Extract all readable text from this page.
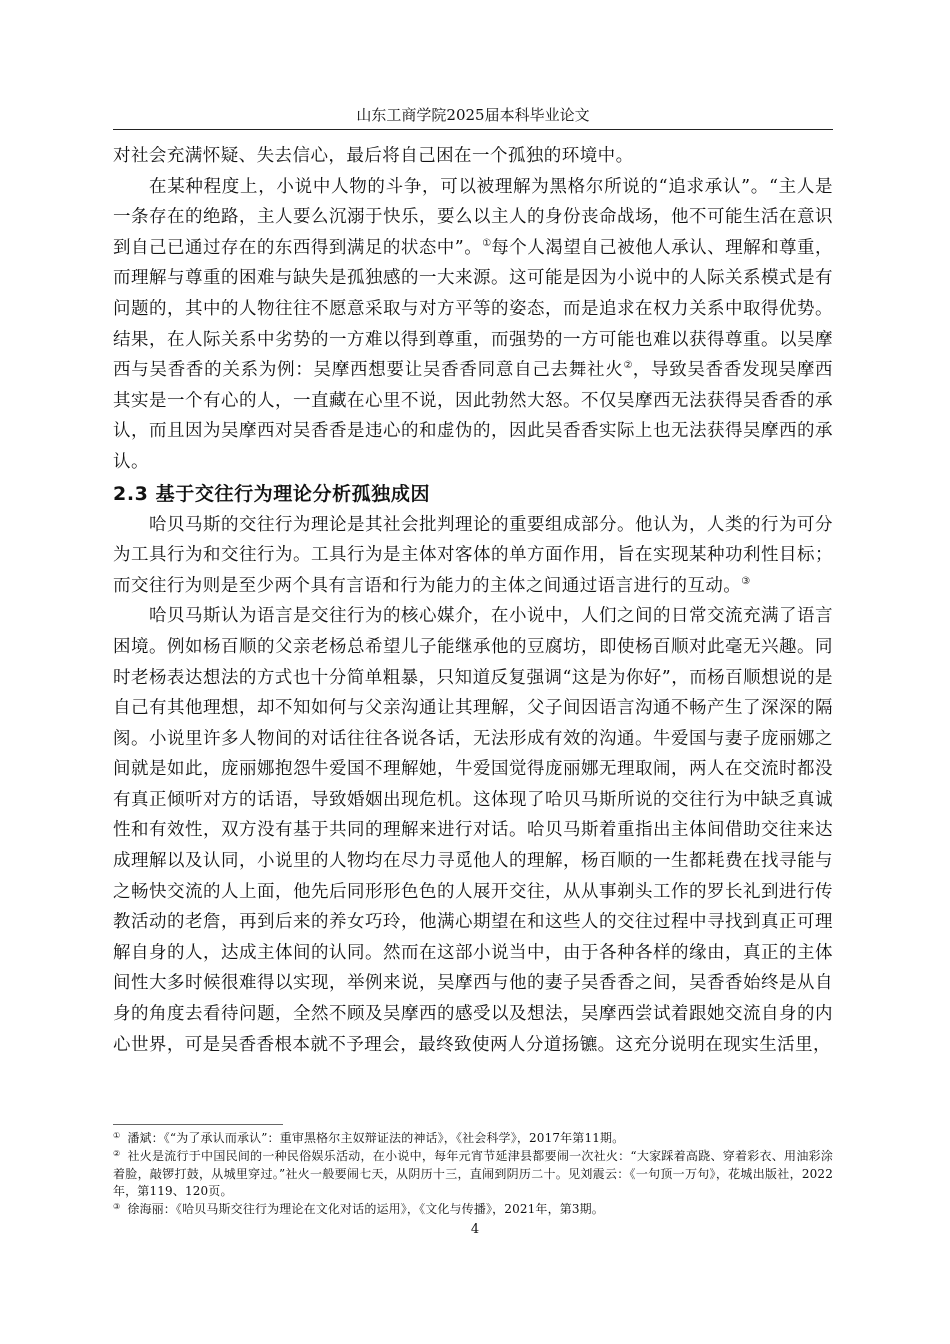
山东工商学院2025届本科毕业论文

对社会充满怀疑、失去信心，最后将自己困在一个孤独的环境中。

在某种程度上，小说中人物的斗争，可以被理解为黑格尔所说的“追求承认”。“主人是一条存在的绝路，主人要么沉溺于快乐，要么以主人的身份丧命战场，他不可能生活在意识到自己已通过存在的东西得到满足的状态中”。①每个人渴望自己被他人承认、理解和尊重，而理解与尊重的困难与缺失是孤独感的一大来源。这可能是因为小说中的人际关系模式是有问题的，其中的人物往往不愿意采取与对方平等的姿态，而是追求在权力关系中取得优势。结果，在人际关系中劣势的一方难以得到尊重，而强势的一方可能也难以获得尊重。以吴摩西与吴香香的关系为例：吴摩西想要让吴香香同意自己去舞社火②，导致吴香香发现吴摩西其实是一个有心的人，一直藏在心里不说，因此勃然大怒。不仅吴摩西无法获得吴香香的承认，而且因为吴摩西对吴香香是违心的和虚伪的，因此吴香香实际上也无法获得吴摩西的承认。

2.3 基于交往行为理论分析孤独成因

哈贝马斯的交往行为理论是其社会批判理论的重要组成部分。他认为，人类的行为可分为工具行为和交往行为。工具行为是主体对客体的单方面作用，旨在实现某种功利性目标；而交往行为则是至少两个具有言语和行为能力的主体之间通过语言进行的互动。③

哈贝马斯认为语言是交往行为的核心媒介，在小说中，人们之间的日常交流充满了语言困境。例如杨百顺的父亲老杨总希望儿子能继承他的豆腐坊，即使杨百顺对此毫无兴趣。同时老杨表达想法的方式也十分简单粗暴，只知道反复强调“这是为你好”，而杨百顺想说的是自己有其他理想，却不知如何与父亲沟通让其理解，父子间因语言沟通不畅产生了深深的隔阂。小说里许多人物间的对话往往各说各话，无法形成有效的沟通。牛爱国与妻子庞丽娜之间就是如此，庞丽娜抱怨牛爱国不理解她，牛爱国觉得庞丽娜无理取闹，两人在交流时都没有真正倾听对方的话语，导致婚姻出现危机。这体现了哈贝马斯所说的交往行为中缺乏真诚性和有效性，双方没有基于共同的理解来进行对话。哈贝马斯着重指出主体间借助交往来达成理解以及认同，小说里的人物均在尽力寻觅他人的理解，杨百顺的一生都耗费在找寻能与之畅快交流的人上面，他先后同形形色色的人展开交往，从从事剃头工作的罗长礼到进行传教活动的老詹，再到后来的养女巧玲，他满心期望在和这些人的交往过程中寻找到真正可理解自身的人，达成主体间的认同。然而在这部小说当中，由于各种各样的缘由，真正的主体间性大多时候很难得以实现，举例来说，吴摩西与他的妻子吴香香之间，吴香香始终是从自身的角度去看待问题，全然不顾及吴摩西的感受以及想法，吴摩西尝试着跟她交流自身的内心世界，可是吴香香根本就不予理会，最终致使两人分道扬镳。这充分说明在现实生活里，

① 潘斌：《“为了承认而承认”：重审黑格尔主奴辩证法的神话》，《社会科学》，2017年第11期。

② 社火是流行于中国民间的一种民俗娱乐活动，在小说中，每年元宵节延津县都要闹一次社火：“大家踩着高跷、穿着彩衣、用油彩涂着脸，敲锣打鼓，从城里穿过。”社火一般要闹七天，从阴历十三，直闹到阴历二十。见刘震云：《一句顶一万句》，花城出版社，2022年，第119、120页。

③ 徐海丽：《哈贝马斯交往行为理论在文化对话的运用》，《文化与传播》，2021年，第3期。

4
